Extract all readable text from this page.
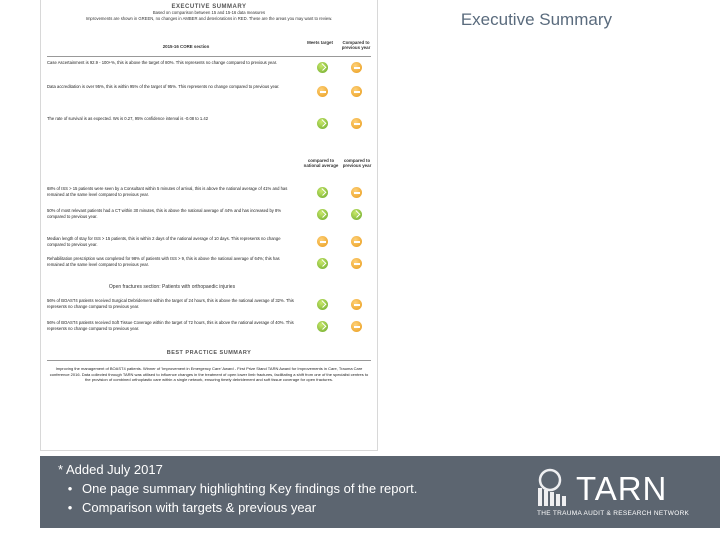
Executive Summary
EXECUTIVE SUMMARY
Based on comparison between 15 and 15-16 data measures
Improvements are shown in GREEN, no changes in AMBER and deteriorations in RED. These are the areas you may want to review.
2015-16 CORE section
Meets target	Compared to previous year
Case Ascertainment is 92.9 - 100+%, this is above the target of 80%. This represents no change compared to previous year.
Data accreditation is over 95%, this is within 95% of the target of 95%. This represents no change compared to previous year.
The rate of survival is as expected. Ws is 0.27, 95% confidence interval is -0.08 to 1.42
compared to national average
compared to previous year
68% of ISS > 15 patients were seen by a Consultant within 5 minutes of arrival, this is above the national average of 41% and has remained at the same level compared to previous year.
50% of most relevant patients had a CT within 30 minutes, this is above the national average of 44% and has increased by 8% compared to previous year.
Median length of stay for ISS > 15 patients, this is within 2 days of the national average of 10 days. This represents no change compared to previous year.
Rehabilitation prescription was completed for 98% of patients with ISS > 9, this is above the national average of 64%; this has remained at the same level compared to previous year.
Open fractures section: Patients with orthopaedic injuries
56% of BOAST4 patients received Surgical Debridement within the target of 24 hours, this is above the national average of 32%. This represents no change compared to previous year.
56% of BOAST4 patients received Soft Tissue Coverage within the target of 72 hours, this is above the national average of 40%. This represents no change compared to previous year.
BEST PRACTICE SUMMARY
Improving the management of BOAST4 patients. Winner of 'Improvement in Emergency Care' Award - First Prize Stand TARN Award for Improvements in Care, Trauma Care conference 2016. Data collected through TARN was utilised to influence changes in the treatment of open lower limb fractures, facilitating a shift from one of the specialist centres to the provision of combined orthoplastic care within a single network, ensuring timely debridement and soft tissue coverage for open fractures.
* Added July 2017
• One page summary highlighting Key findings of the report.
• Comparison with targets & previous year
TARN
THE TRAUMA AUDIT & RESEARCH NETWORK
